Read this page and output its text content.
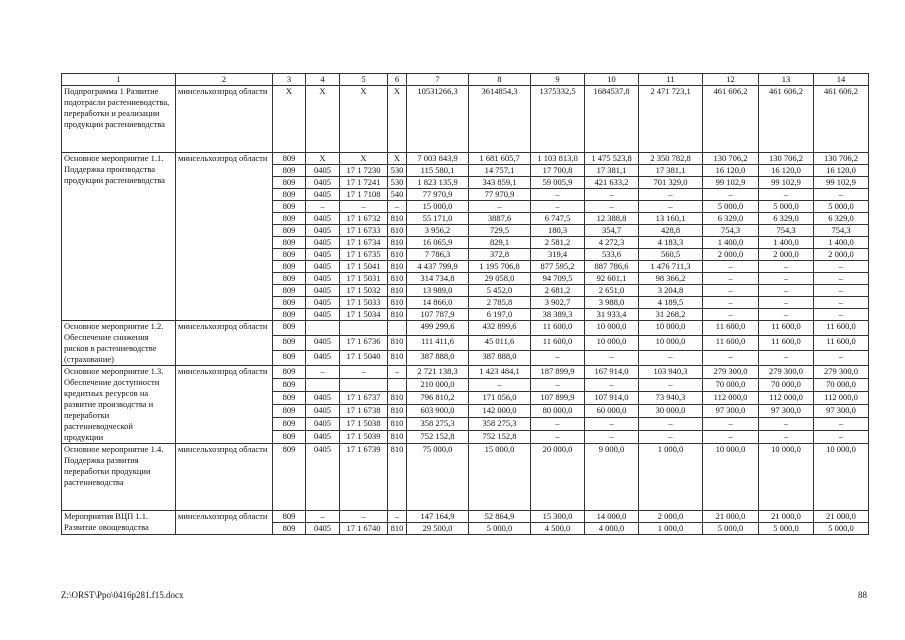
1	2	3	4	5	6	7	8	9	10	11	12	13	14
Подпрограмма 1 Развитие подотрасли растениеводства, переработки и реализации продукции растениеводства	минсельхозпрод области	X	X	X	X	10531266,3	3614854,3	1375332,5	1684537,8	2 471 723,1	461 606,2	461 606,2	461 606,2
Основное мероприятие 1.1. Поддержка производства продукции растениеводства	минсельхозпрод области	809	X	X	X	7 003 843,9	1 681 605,7	1 103 813,0	1 475 523,8	2 350 782,8	130 706,2	130 706,2	130 706,2
		809	0405	17 1 7230	530	115 580,1	14 757,1	17 700,8	17 381,1	17 381,1	16 120,0	16 120,0	16 120,0
		809	0405	17 1 7241	530	1 823 135,9	343 859,1	59 005,9	421 633,2	701 329,0	99 102,9	99 102,9	99 102,9
		809	0405	17 1 7108	540	77 970,9	77 970,9	–	–	–	–	–	–
		809	–	–	–	15 000,0	–	–	–	–	5 000,0	5 000,0	5 000,0
		809	0405	17 1 6732	810	55 171,0	3887,6	6 747,5	12 388,8	13 160,1	6 329,0	6 329,0	6 329,0
		809	0405	17 1 6733	810	3 956,2	729,5	180,3	354,7	428,8	754,3	754,3	754,3
		809	0405	17 1 6734	810	16 065,9	829,1	2 581,2	4 272,3	4 183,3	1 400,0	1 400,0	1 400,0
		809	0405	17 1 6735	810	7 786,3	372,8	319,4	533,6	560,5	2 000,0	2 000,0	2 000,0
		809	0405	17 1 5041	810	4 437 799,9	1 195 706,8	877 595,2	887 786,6	1 476 711,3	–	–	–
		809	0405	17 1 5031	810	314 734,8	29 058,0	94 709,5	92 601,1	98 366,2	–	–	–
		809	0405	17 1 5032	810	13 989,0	5 452,0	2 681,2	2 651,0	3 204,8	–	–	–
		809	0405	17 1 5033	810	14 866,0	2 785,8	3 902,7	3 988,0	4 189,5	–	–	–
		809	0405	17 1 5034	810	107 787,9	6 197,0	38 389,3	31 933,4	31 268,2	–	–	–
Основное мероприятие 1.2. Обеспечение снижения рисков в растениеводстве (страхование)	минсельхозпрод области	809				499 299,6	432 899,6	11 600,0	10 000,0	10 000,0	11 600,0	11 600,0	11 600,0
		809	0405	17 1 6736	810	111 411,6	45 011,6	11 600,0	10 000,0	10 000,0	11 600,0	11 600,0	11 600,0
		809	0405	17 1 5040	810	387 888,0	387 888,0	–	–	–	–	–	–
Основное мероприятие 1.3. Обеспечение доступности кредитных ресурсов на развитие производства и переработки растениеводческой продукции	минсельхозпрод области	809	–	–	–	2 721 138,3	1 423 484,1	187 899,9	167 914,0	103 940,3	279 300,0	279 300,0	279 300,0
		809				210 000,0	–	–	–	–	70 000,0	70 000,0	70 000,0
		809	0405	17 1 6737	810	796 810,2	171 056,0	107 899,9	107 914,0	73 940,3	112 000,0	112 000,0	112 000,0
		809	0405	17 1 6738	810	603 900,0	142 000,0	80 000,0	60 000,0	30 000,0	97 300,0	97 300,0	97 300,0
		809	0405	17 1 5038	810	358 275,3	358 275,3	–	–	–	–	–	–
		809	0405	17 1 5039	810	752 152,8	752 152,8	–	–	–	–	–	–
Основное мероприятие 1.4. Поддержка развития переработки продукции растениеводства	минсельхозпрод области	809	0405	17 1 6739	810	75 000,0	15 000,0	20 000,0	9 000,0	1 000,0	10 000,0	10 000,0	10 000,0
Мероприятия ВЦП 1.1. Развитие овощеводства	минсельхозпрод области	809	–	–	–	147 164,9	52 864,9	15 300,0	14 000,0	2 000,0	21 000,0	21 000,0	21 000,0
		809	0405	17 1 6740	810	29 500,0	5 000,0	4 500,0	4 000,0	1 000,0	5 000,0	5 000,0	5 000,0
Z:\ORST\Ppo\0416p281.f15.docx	88
